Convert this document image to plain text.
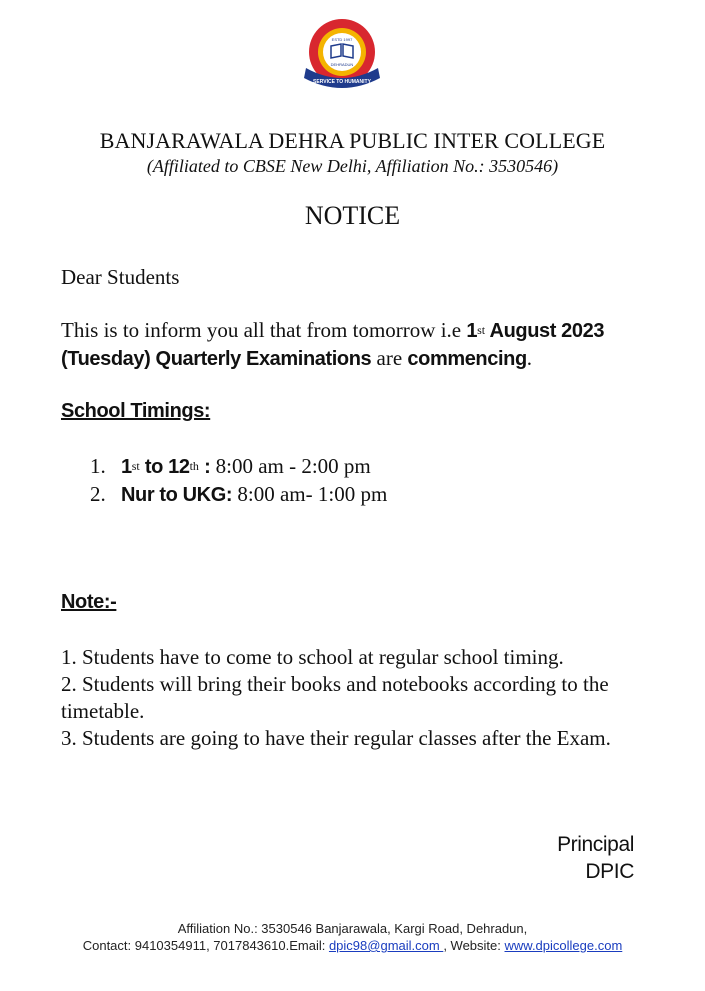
ESTD 1997
DEHRADUN
SERVICE TO HUMANITY
BANJARAWALA DEHRA PUBLIC INTER COLLEGE
(Affiliated to CBSE New Delhi, Affiliation No.: 3530546)
NOTICE
Dear Students
This is to inform you all that from tomorrow i.e 1st August 2023 (Tuesday) Quarterly Examinations are commencing.
School Timings:
1. 1st to 12th : 8:00 am - 2:00 pm
2. Nur to UKG: 8:00 am- 1:00 pm
Note:-
1. Students have to come to school at regular school timing.
2. Students will bring their books and notebooks according to the timetable.
3. Students are going to have their regular classes after the Exam.
Principal
DPIC
Affiliation No.: 3530546 Banjarawala, Kargi Road, Dehradun,
Contact: 9410354911, 7017843610.Email: dpic98@gmail.com , Website: www.dpicollege.com
